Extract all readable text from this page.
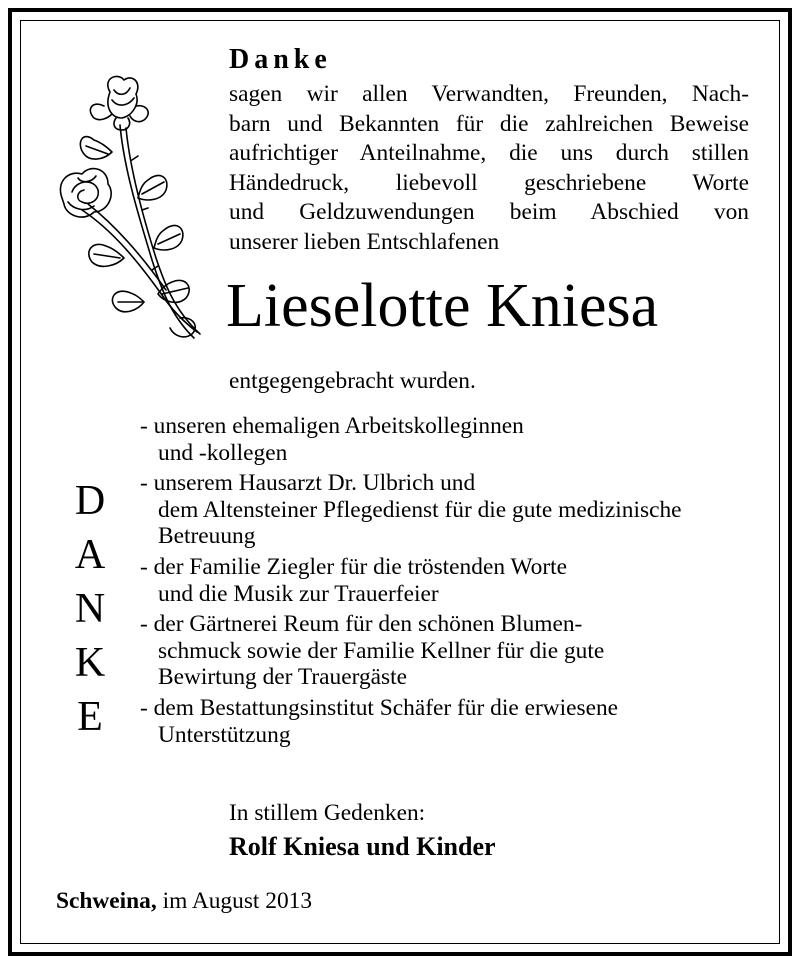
Danke
sagen wir allen Verwandten, Freunden, Nach-
barn und Bekannten für die zahlreichen Beweise
aufrichtiger Anteilnahme, die uns durch stillen
Händedruck, liebevoll geschriebene Worte
und Geldzuwendungen beim Abschied von
unserer lieben Entschlafenen
Lieselotte Kniesa
entgegengebracht wurden.
D
A
N
K
E
- unseren ehemaligen Arbeitskolleginnen
und -kollegen
- unserem Hausarzt Dr. Ulbrich und
dem Altensteiner Pflegedienst für die gute medizinische
Betreuung
- der Familie Ziegler für die tröstenden Worte
und die Musik zur Trauerfeier
- der Gärtnerei Reum für den schönen Blumen-
schmuck sowie der Familie Kellner für die gute
Bewirtung der Trauergäste
- dem Bestattungsinstitut Schäfer für die erwiesene
Unterstützung
In stillem Gedenken:
Rolf Kniesa und Kinder
Schweina, im August 2013
